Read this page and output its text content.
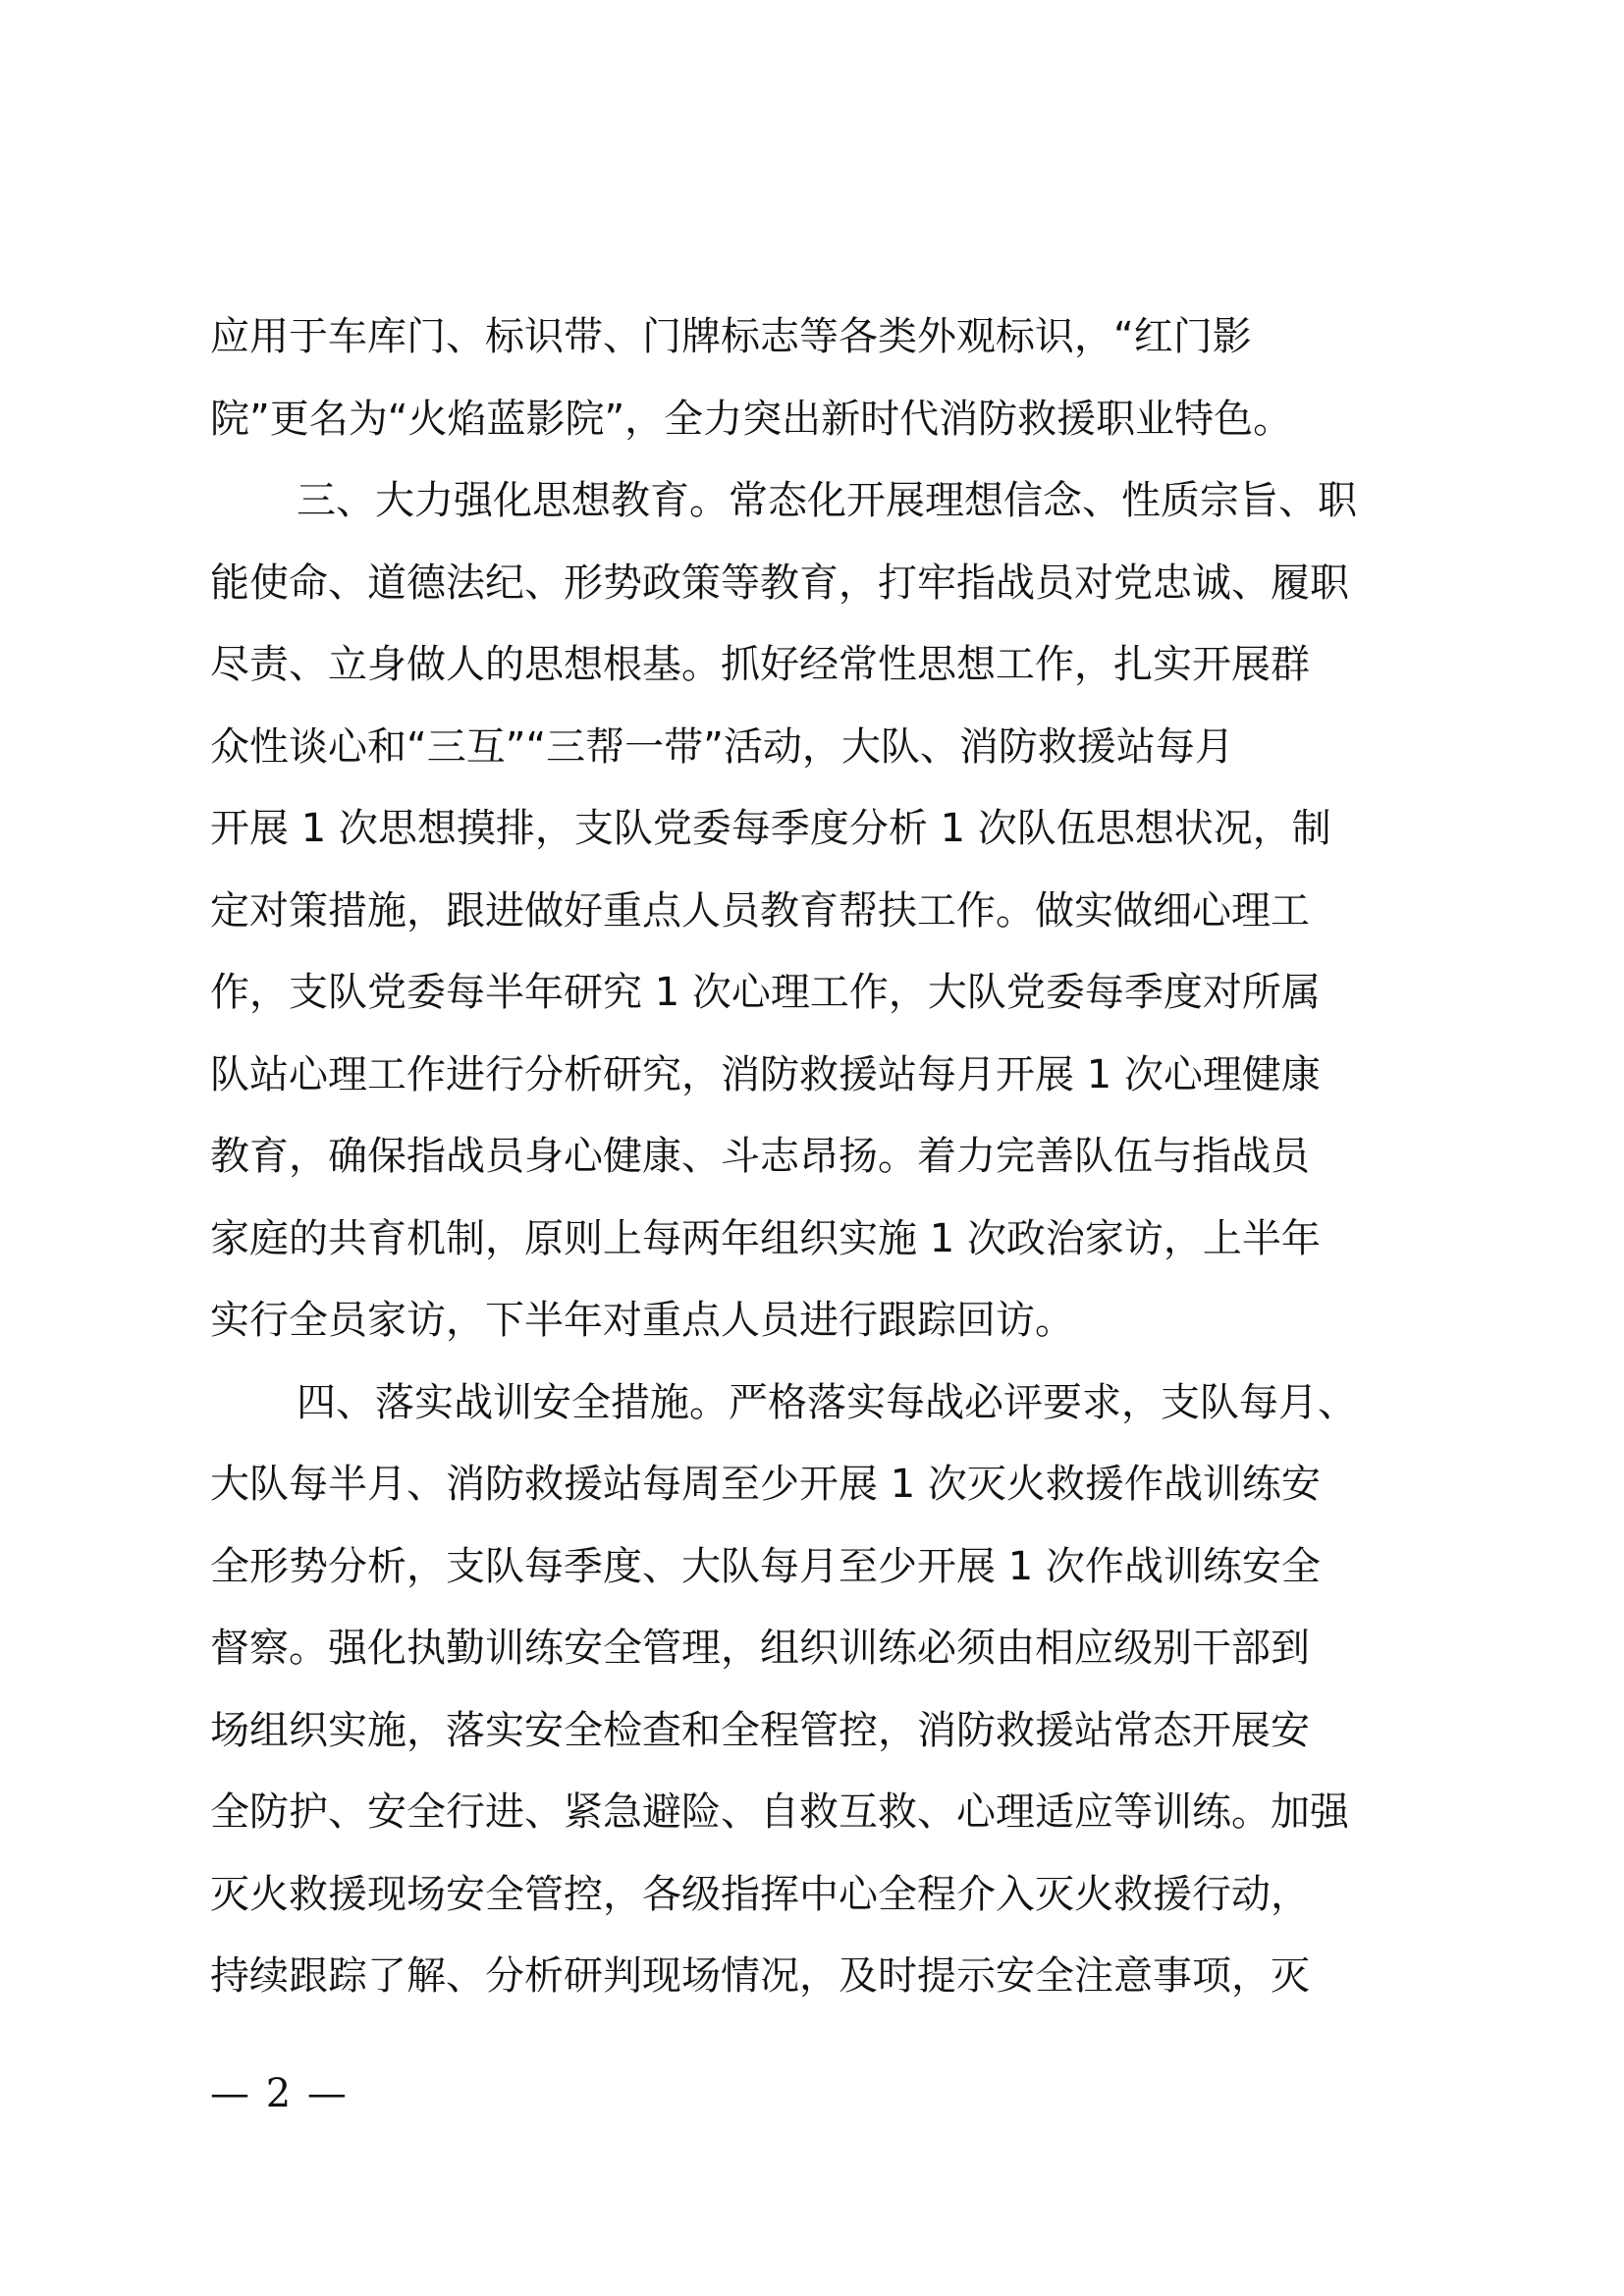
应用于车库门、标识带、门牌标志等各类外观标识，“红门影
院”更名为“火焰蓝影院”，全力突出新时代消防救援职业特色。
三、大力强化思想教育。常态化开展理想信念、性质宗旨、职
能使命、道德法纪、形势政策等教育，打牢指战员对党忠诚、履职
尽责、立身做人的思想根基。抓好经常性思想工作，扎实开展群
众性谈心和“三互”“三帮一带”活动，大队、消防救援站每月
开展 1 次思想摸排，支队党委每季度分析 1 次队伍思想状况，制
定对策措施，跟进做好重点人员教育帮扶工作。做实做细心理工
作，支队党委每半年研究 1 次心理工作，大队党委每季度对所属
队站心理工作进行分析研究，消防救援站每月开展 1 次心理健康
教育，确保指战员身心健康、斗志昂扬。着力完善队伍与指战员
家庭的共育机制，原则上每两年组织实施 1 次政治家访，上半年
实行全员家访，下半年对重点人员进行跟踪回访。
四、落实战训安全措施。严格落实每战必评要求，支队每月、
大队每半月、消防救援站每周至少开展 1 次灭火救援作战训练安
全形势分析，支队每季度、大队每月至少开展 1 次作战训练安全
督察。强化执勤训练安全管理，组织训练必须由相应级别干部到
场组织实施，落实安全检查和全程管控，消防救援站常态开展安
全防护、安全行进、紧急避险、自救互救、心理适应等训练。加强
灭火救援现场安全管控，各级指挥中心全程介入灭火救援行动，
持续跟踪了解、分析研判现场情况，及时提示安全注意事项，灭
— 2 —
